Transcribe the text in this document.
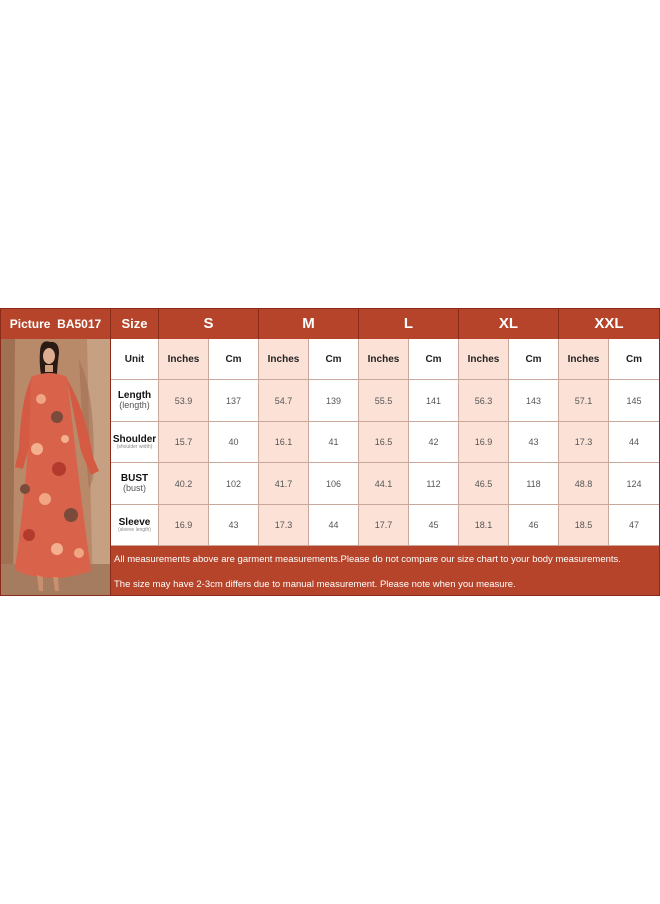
Picture BA5017	Size	S	M	L	XL	XXL
Unit	Inches	Cm	Inches	Cm	Inches	Cm	Inches	Cm	Inches	Cm
Length
(length)	53.9	137	54.7	139	55.5	141	56.3	143	57.1	145
Shoulder
(shoulder width)	15.7	40	16.1	41	16.5	42	16.9	43	17.3	44
BUST
(bust)	40.2	102	41.7	106	44.1	112	46.5	118	48.8	124
Sleeve
(sleeve length)	16.9	43	17.3	44	17.7	45	18.1	46	18.5	47
All measurements above are garment measurements.Please do not compare our size chart to your body measurements.
The size may have 2-3cm differs due to manual measurement. Please note when you measure.
